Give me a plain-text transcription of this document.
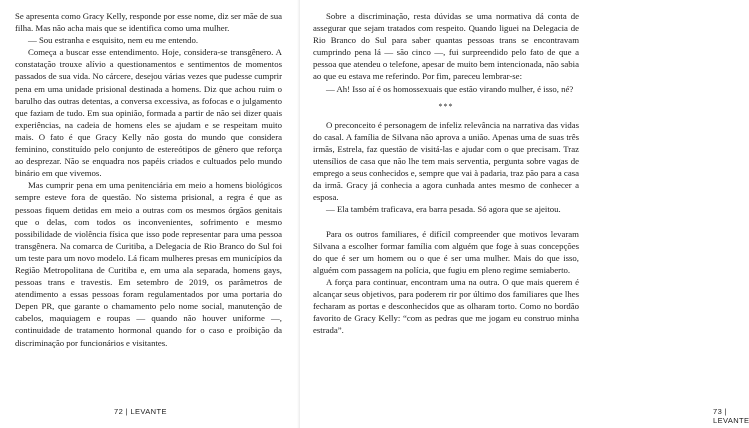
Se apresenta como Gracy Kelly, responde por esse nome, diz ser mãe de sua filha. Mas não acha mais que se identifica como uma mulher.

— Sou estranha e esquisito, nem eu me entendo.

Começa a buscar esse entendimento. Hoje, considera-se transgênero. A constatação trouxe alívio a questionamentos e sentimentos de momentos passados de sua vida. No cárcere, desejou várias vezes que pudesse cumprir pena em uma unidade prisional destinada a homens. Diz que achou ruim o barulho das outras detentas, a conversa excessiva, as fofocas e o julgamento que faziam de tudo. Em sua opinião, formada a partir de não sei dizer quais experiências, na cadeia de homens eles se ajudam e se respeitam muito mais. O fato é que Gracy Kelly não gosta do mundo que considera feminino, constituído pelo conjunto de estereótipos de gênero que reforça ao desprezar. Não se enquadra nos papéis criados e cultuados pelo mundo binário em que vivemos.

Mas cumprir pena em uma penitenciária em meio a homens biológicos sempre esteve fora de questão. No sistema prisional, a regra é que as pessoas fiquem detidas em meio a outras com os mesmos órgãos genitais que o delas, com todos os inconvenientes, sofrimento e mesmo possibilidade de violência física que isso pode representar para uma pessoa transgênera. Na comarca de Curitiba, a Delegacia de Rio Branco do Sul foi um teste para um novo modelo. Lá ficam mulheres presas em municípios da Região Metropolitana de Curitiba e, em uma ala separada, homens gays, pessoas trans e travestis. Em setembro de 2019, os parâmetros de atendimento a essas pessoas foram regulamentados por uma portaria do Depen PR, que garante o chamamento pelo nome social, manutenção de cabelos, maquiagem e roupas — quando não houver uniforme —, continuidade de tratamento hormonal quando for o caso e proibição da discriminação por funcionários e visitantes.

72 | LEVANTE	73 | LEVANTE

Sobre a discriminação, resta dúvidas se uma normativa dá conta de assegurar que sejam tratados com respeito. Quando liguei na Delegacia de Rio Branco do Sul para saber quantas pessoas trans se encontravam cumprindo pena lá — são cinco —, fui surpreendido pelo fato de que a pessoa que atendeu o telefone, apesar de muito bem intencionada, não sabia ao que eu estava me referindo. Por fim, pareceu lembrar-se:

— Ah! Isso aí é os homossexuais que estão virando mulher, é isso, né?

***

O preconceito é personagem de infeliz relevância na narrativa das vidas do casal. A família de Silvana não aprova a união. Apenas uma de suas três irmãs, Estrela, faz questão de visitá-las e ajudar com o que precisam. Traz utensílios de casa que não lhe tem mais serventia, pergunta sobre vagas de emprego a seus conhecidos e, sempre que vai à padaria, traz pão para a casa da irmã. Gracy já conhecia a agora cunhada antes mesmo de conhecer a esposa.

— Ela também traficava, era barra pesada. Só agora que se ajeitou.

Para os outros familiares, é difícil compreender que motivos levaram Silvana a escolher formar família com alguém que foge à suas concepções do que é ser um homem ou o que é ser uma mulher. Mais do que isso, alguém com passagem na polícia, que fugiu em pleno regime semiaberto.

A força para continuar, encontram uma na outra. O que mais querem é alcançar seus objetivos, para poderem rir por último dos familiares que lhes fecharam as portas e desconhecidos que as olharam torto. Como no bordão favorito de Gracy Kelly: “com as pedras que me jogam eu construo minha estrada”.
